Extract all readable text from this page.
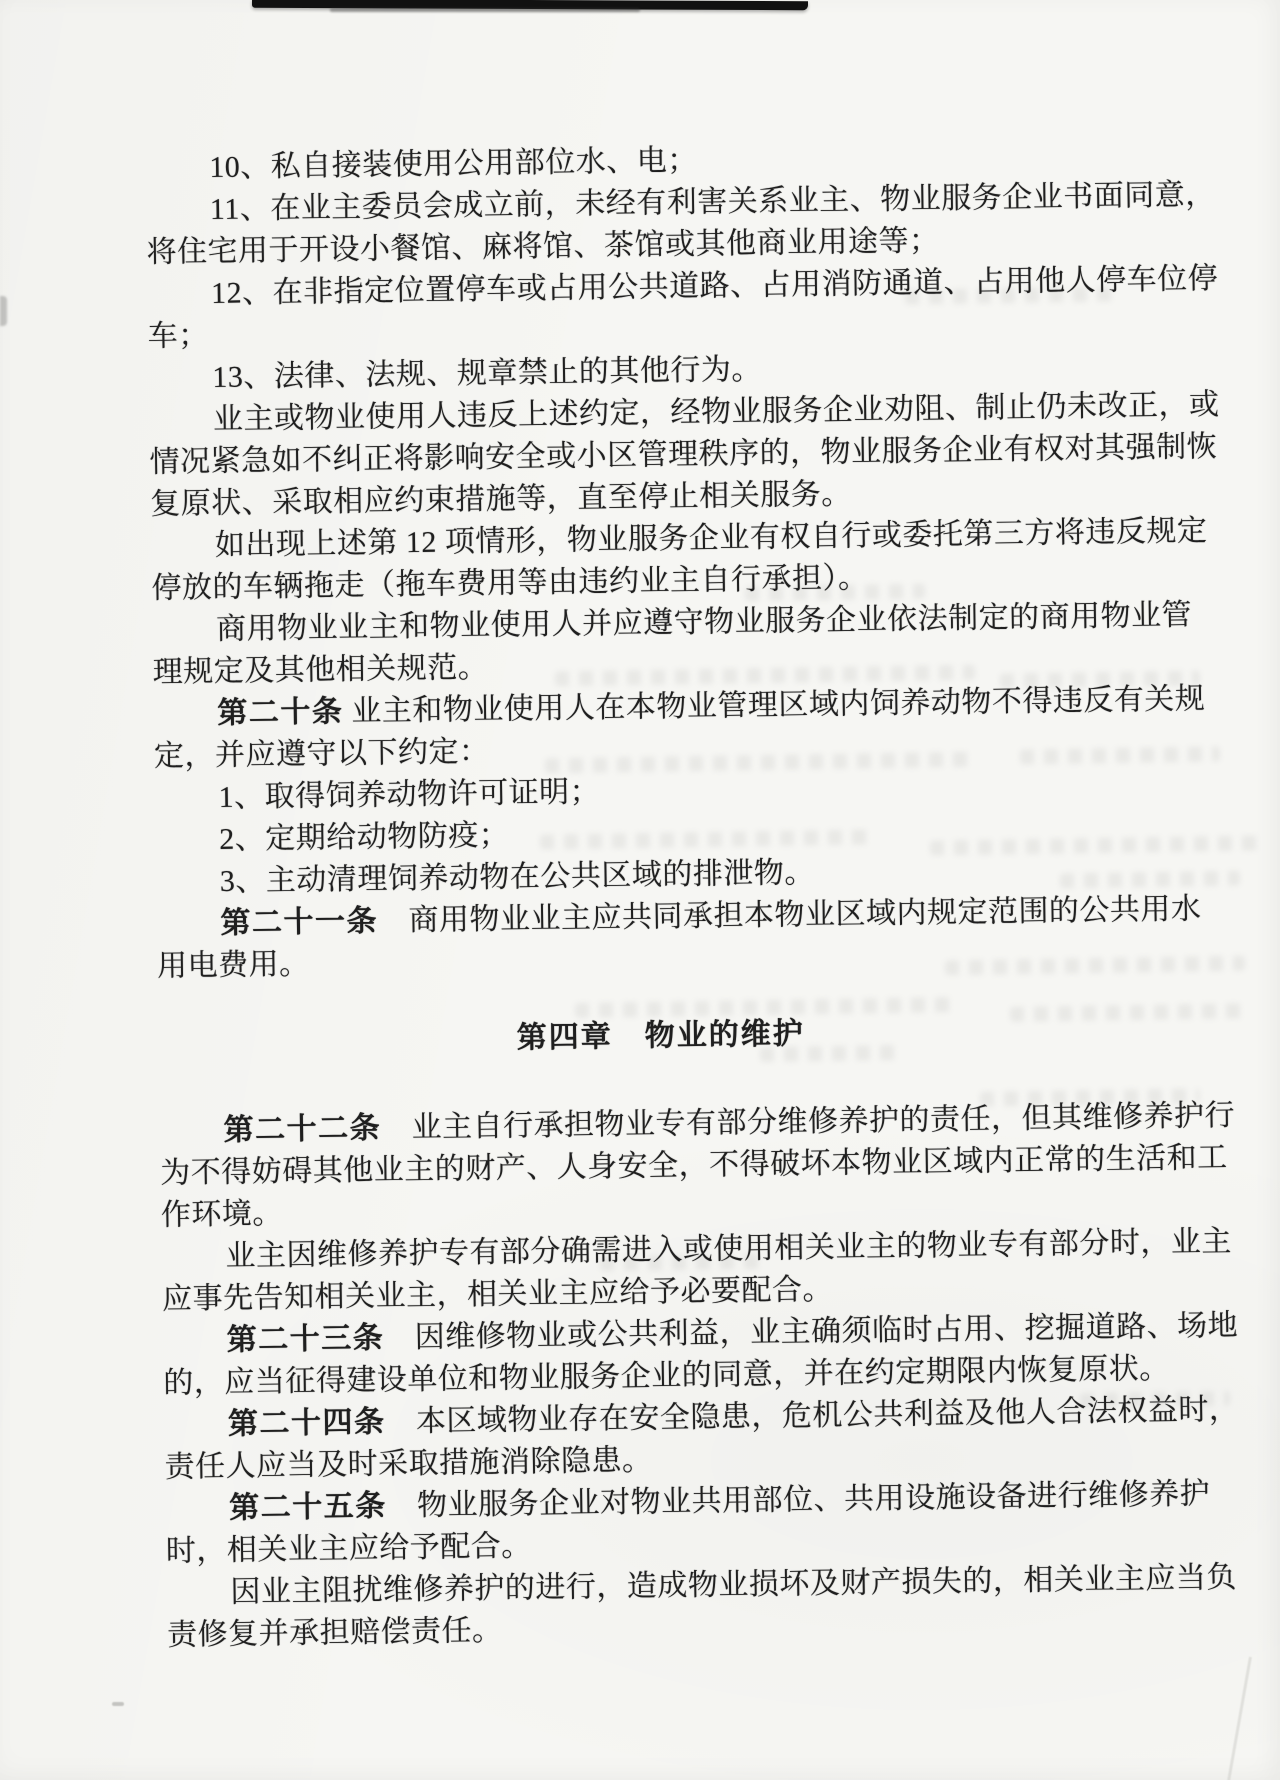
10、私自接装使用公用部位水、电；
11、在业主委员会成立前，未经有利害关系业主、物业服务企业书面同意，
将住宅用于开设小餐馆、麻将馆、茶馆或其他商业用途等；
12、在非指定位置停车或占用公共道路、占用消防通道、占用他人停车位停
车；
13、法律、法规、规章禁止的其他行为。
业主或物业使用人违反上述约定，经物业服务企业劝阻、制止仍未改正，或
情况紧急如不纠正将影响安全或小区管理秩序的，物业服务企业有权对其强制恢
复原状、采取相应约束措施等，直至停止相关服务。
如出现上述第 12 项情形，物业服务企业有权自行或委托第三方将违反规定
停放的车辆拖走（拖车费用等由违约业主自行承担）。
商用物业业主和物业使用人并应遵守物业服务企业依法制定的商用物业管
理规定及其他相关规范。
第二十条 业主和物业使用人在本物业管理区域内饲养动物不得违反有关规
定，并应遵守以下约定：
1、取得饲养动物许可证明；
2、定期给动物防疫；
3、主动清理饲养动物在公共区域的排泄物。
第二十一条　商用物业业主应共同承担本物业区域内规定范围的公共用水
用电费用。
第四章　物业的维护
第二十二条　业主自行承担物业专有部分维修养护的责任，但其维修养护行
为不得妨碍其他业主的财产、人身安全，不得破坏本物业区域内正常的生活和工
作环境。
业主因维修养护专有部分确需进入或使用相关业主的物业专有部分时，业主
应事先告知相关业主，相关业主应给予必要配合。
第二十三条　因维修物业或公共利益，业主确须临时占用、挖掘道路、场地
的，应当征得建设单位和物业服务企业的同意，并在约定期限内恢复原状。
第二十四条　本区域物业存在安全隐患，危机公共利益及他人合法权益时，
责任人应当及时采取措施消除隐患。
第二十五条　物业服务企业对物业共用部位、共用设施设备进行维修养护
时，相关业主应给予配合。
因业主阻扰维修养护的进行，造成物业损坏及财产损失的，相关业主应当负
责修复并承担赔偿责任。
